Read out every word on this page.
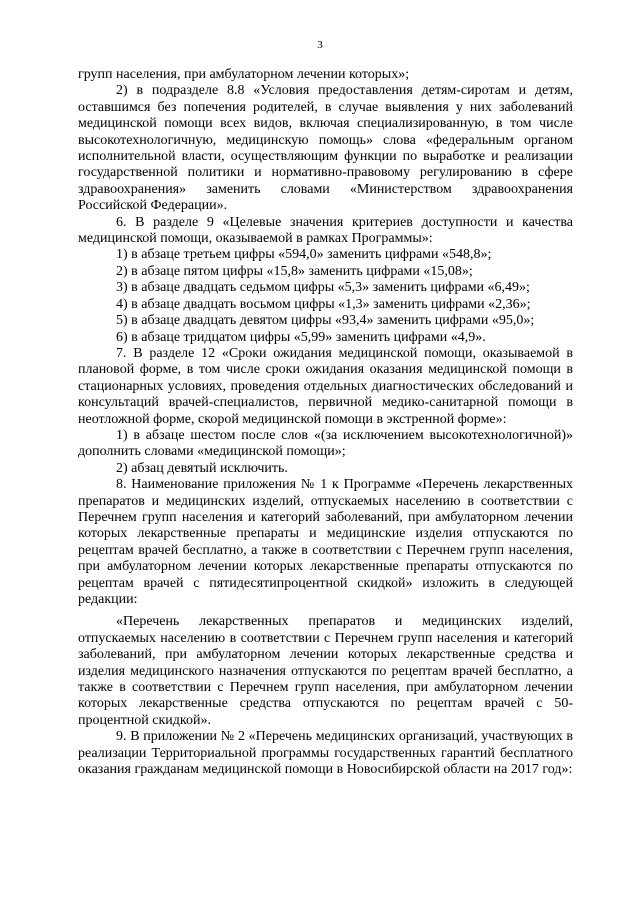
3

групп населения, при амбулаторном лечении которых»;

2) в подразделе 8.8 «Условия предоставления детям-сиротам и детям, оставшимся без попечения родителей, в случае выявления у них заболеваний медицинской помощи всех видов, включая специализированную, в том числе высокотехнологичную, медицинскую помощь» слова «федеральным органом исполнительной власти, осуществляющим функции по выработке и реализации государственной политики и нормативно-правовому регулированию в сфере здравоохранения» заменить словами «Министерством здравоохранения Российской Федерации».

6. В разделе 9 «Целевые значения критериев доступности и качества медицинской помощи, оказываемой в рамках Программы»:

1) в абзаце третьем цифры «594,0» заменить цифрами «548,8»;

2) в абзаце пятом цифры «15,8» заменить цифрами «15,08»;

3) в абзаце двадцать седьмом цифры «5,3» заменить цифрами «6,49»;

4) в абзаце двадцать восьмом цифры «1,3» заменить цифрами «2,36»;

5) в абзаце двадцать девятом цифры «93,4» заменить цифрами «95,0»;

6) в абзаце тридцатом цифры «5,99» заменить цифрами «4,9».

7. В разделе 12 «Сроки ожидания медицинской помощи, оказываемой в плановой форме, в том числе сроки ожидания оказания медицинской помощи в стационарных условиях, проведения отдельных диагностических обследований и консультаций врачей-специалистов, первичной медико-санитарной помощи в неотложной форме, скорой медицинской помощи в экстренной форме»:

1) в абзаце шестом после слов «(за исключением высокотехнологичной)» дополнить словами «медицинской помощи»;

2) абзац девятый исключить.

8. Наименование приложения № 1 к Программе «Перечень лекарственных препаратов и медицинских изделий, отпускаемых населению в соответствии с Перечнем групп населения и категорий заболеваний, при амбулаторном лечении которых лекарственные препараты и медицинские изделия отпускаются по рецептам врачей бесплатно, а также в соответствии с Перечнем групп населения, при амбулаторном лечении которых лекарственные препараты отпускаются по рецептам врачей с пятидесятипроцентной скидкой» изложить в следующей редакции:

«Перечень лекарственных препаратов и медицинских изделий, отпускаемых населению в соответствии с Перечнем групп населения и категорий заболеваний, при амбулаторном лечении которых лекарственные средства и изделия медицинского назначения отпускаются по рецептам врачей бесплатно, а также в соответствии с Перечнем групп населения, при амбулаторном лечении которых лекарственные средства отпускаются по рецептам врачей с 50-процентной скидкой».

9. В приложении № 2 «Перечень медицинских организаций, участвующих в реализации Территориальной программы государственных гарантий бесплатного оказания гражданам медицинской помощи в Новосибирской области на 2017 год»:
